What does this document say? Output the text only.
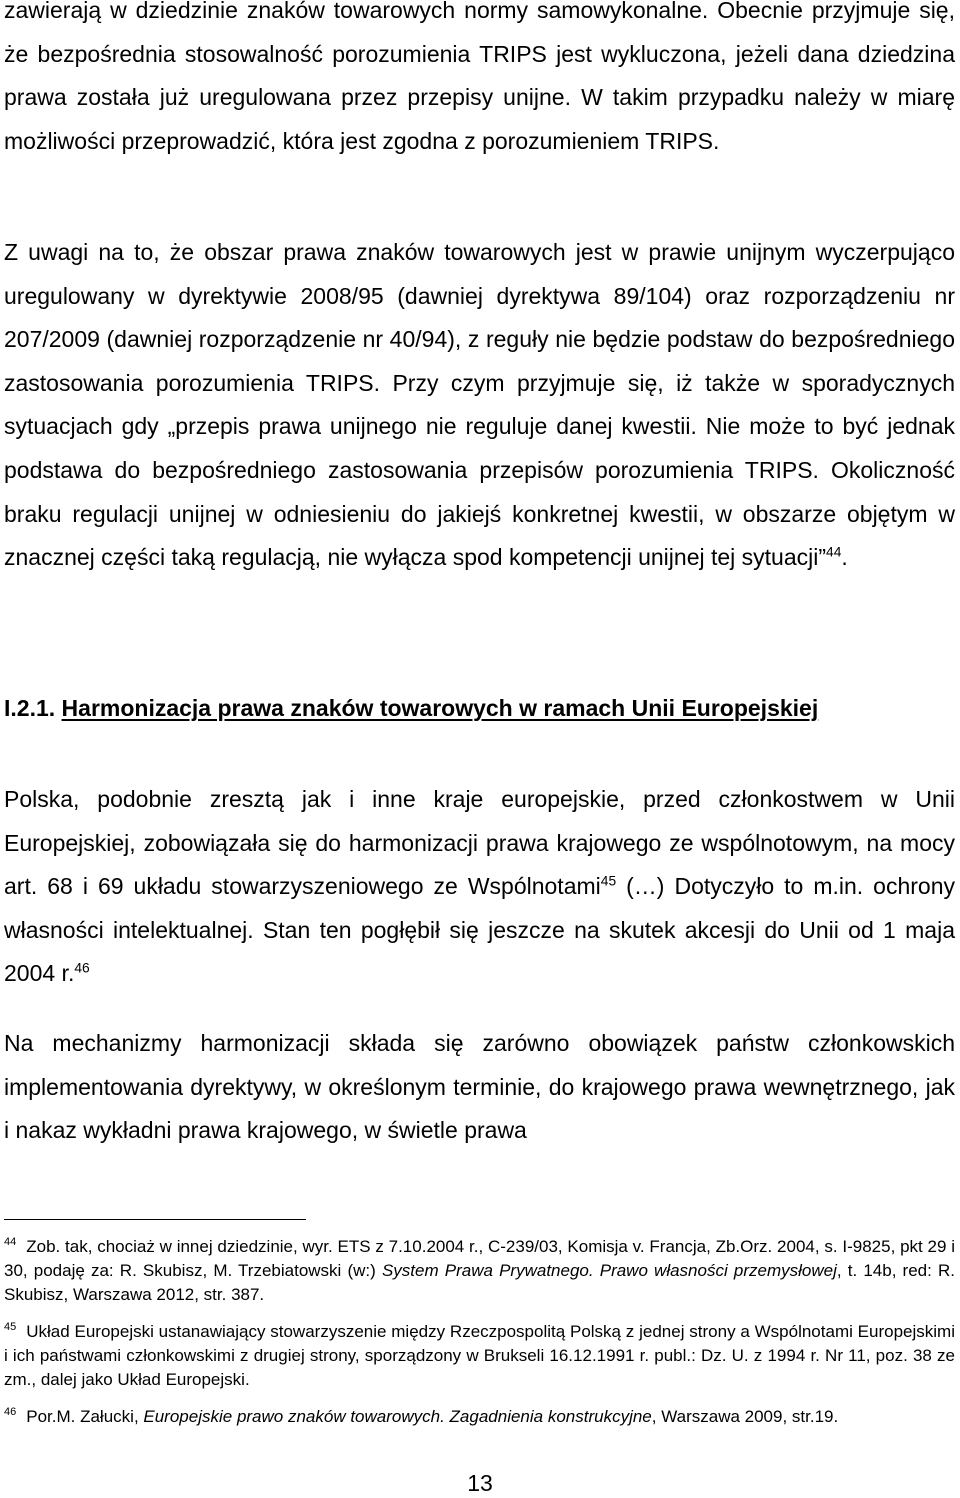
zawierają w dziedzinie znaków towarowych normy samowykonalne. Obecnie przyjmuje się, że bezpośrednia stosowalność porozumienia TRIPS jest wykluczona, jeżeli dana dziedzina prawa została już uregulowana przez przepisy unijne. W takim przypadku należy w miarę możliwości przeprowadzić, która jest zgodna z porozumieniem TRIPS.

Z uwagi na to, że obszar prawa znaków towarowych jest w prawie unijnym wyczerpująco uregulowany w dyrektywie 2008/95 (dawniej dyrektywa 89/104) oraz rozporządzeniu nr 207/2009 (dawniej rozporządzenie nr 40/94), z reguły nie będzie podstaw do bezpośredniego zastosowania porozumienia TRIPS. Przy czym przyjmuje się, iż także w sporadycznych sytuacjach gdy „przepis prawa unijnego nie reguluje danej kwestii. Nie może to być jednak podstawa do bezpośredniego zastosowania przepisów porozumienia TRIPS. Okoliczność braku regulacji unijnej w odniesieniu do jakiejś konkretnej kwestii, w obszarze objętym w znacznej części taką regulacją, nie wyłącza spod kompetencji unijnej tej sytuacji”$^{44}$.

I.2.1. Harmonizacja prawa znaków towarowych w ramach Unii Europejskiej

Polska, podobnie zresztą jak i inne kraje europejskie, przed członkostwem w Unii Europejskiej, zobowiązała się do harmonizacji prawa krajowego ze wspólnotowym, na mocy art. 68 i 69 układu stowarzyszeniowego ze Wspólnotami$^{45}$ (…) Dotyczyło to m.in. ochrony własności intelektualnej. Stan ten pogłębił się jeszcze na skutek akcesji do Unii od 1 maja 2004 r.$^{46}$

Na mechanizmy harmonizacji składa się zarówno obowiązek państw członkowskich implementowania dyrektywy, w określonym terminie, do krajowego prawa wewnętrznego, jak i nakaz wykładni prawa krajowego, w świetle prawa

$^{44}$ Zob. tak, chociaż w innej dziedzinie, wyr. ETS z 7.10.2004 r., C-239/03, Komisja v. Francja, Zb.Orz. 2004, s. I-9825, pkt 29 i 30, podaję za: R. Skubisz, M. Trzebiatowski (w:) System Prawa Prywatnego. Prawo własności przemysłowej, t. 14b, red: R. Skubisz, Warszawa 2012, str. 387.

$^{45}$ Układ Europejski ustanawiający stowarzyszenie między Rzeczpospolitą Polską z jednej strony a Wspólnotami Europejskimi i ich państwami członkowskimi z drugiej strony, sporządzony w Brukseli 16.12.1991 r. publ.: Dz. U. z 1994 r. Nr 11, poz. 38 ze zm., dalej jako Układ Europejski.

$^{46}$ Por.M. Załucki, Europejskie prawo znaków towarowych. Zagadnienia konstrukcyjne, Warszawa 2009, str.19.

13
